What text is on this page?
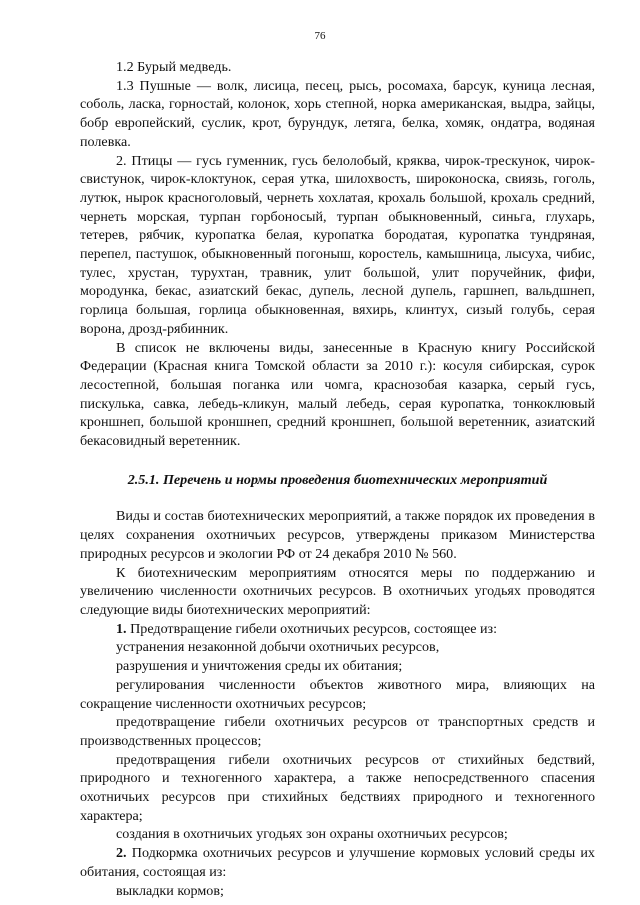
76

1.2 Бурый медведь.

1.3 Пушные — волк, лисица, песец, рысь, росомаха, барсук, куница лесная, соболь, ласка, горностай, колонок, хорь степной, норка американская, выдра, зайцы, бобр европейский, суслик, крот, бурундук, летяга, белка, хомяк, ондатра, водяная полевка.

2. Птицы — гусь гуменник, гусь белолобый, кряква, чирок-трескунок, чирок-свистунок, чирок-клоктунок, серая утка, шилохвость, широконоска, свиязь, гоголь, лутюк, нырок красноголовый, чернеть хохлатая, крохаль большой, крохаль средний, чернеть морская, турпан горбоносый, турпан обыкновенный, синьга, глухарь, тетерев, рябчик, куропатка белая, куропатка бородатая, куропатка тундряная, перепел, пастушок, обыкновенный погоныш, коростель, камышница, лысуха, чибис, тулес, хрустан, турухтан, травник, улит большой, улит поручейник, фифи, мородунка, бекас, азиатский бекас, дупель, лесной дупель, гаршнеп, вальдшнеп, горлица большая, горлица обыкновенная, вяхирь, клинтух, сизый голубь, серая ворона, дрозд-рябинник.

В список не включены виды, занесенные в Красную книгу Российской Федерации (Красная книга Томской области за 2010 г.): косуля сибирская, сурок лесостепной, большая поганка или чомга, краснозобая казарка, серый гусь, пискулька, савка, лебедь-кликун, малый лебедь, серая куропатка, тонкоклювый кроншнеп, большой кроншнеп, средний кроншнеп, большой веретенник, азиатский бекасовидный веретенник.

2.5.1. Перечень и нормы проведения биотехнических мероприятий

Виды и состав биотехнических мероприятий, а также порядок их проведения в целях сохранения охотничьих ресурсов, утверждены приказом Министерства природных ресурсов и экологии РФ от 24 декабря 2010 № 560.

К биотехническим мероприятиям относятся меры по поддержанию и увеличению численности охотничьих ресурсов. В охотничьих угодьях проводятся следующие виды биотехнических мероприятий:

1. Предотвращение гибели охотничьих ресурсов, состоящее из:

устранения незаконной добычи охотничьих ресурсов,

разрушения и уничтожения среды их обитания;

регулирования численности объектов животного мира, влияющих на сокращение численности охотничьих ресурсов;

предотвращение гибели охотничьих ресурсов от транспортных средств и производственных процессов;

предотвращения гибели охотничьих ресурсов от стихийных бедствий, природного и техногенного характера, а также непосредственного спасения охотничьих ресурсов при стихийных бедствиях природного и техногенного характера;

создания в охотничьих угодьях зон охраны охотничьих ресурсов;

2. Подкормка охотничьих ресурсов и улучшение кормовых условий среды их обитания, состоящая из:

выкладки кормов;
